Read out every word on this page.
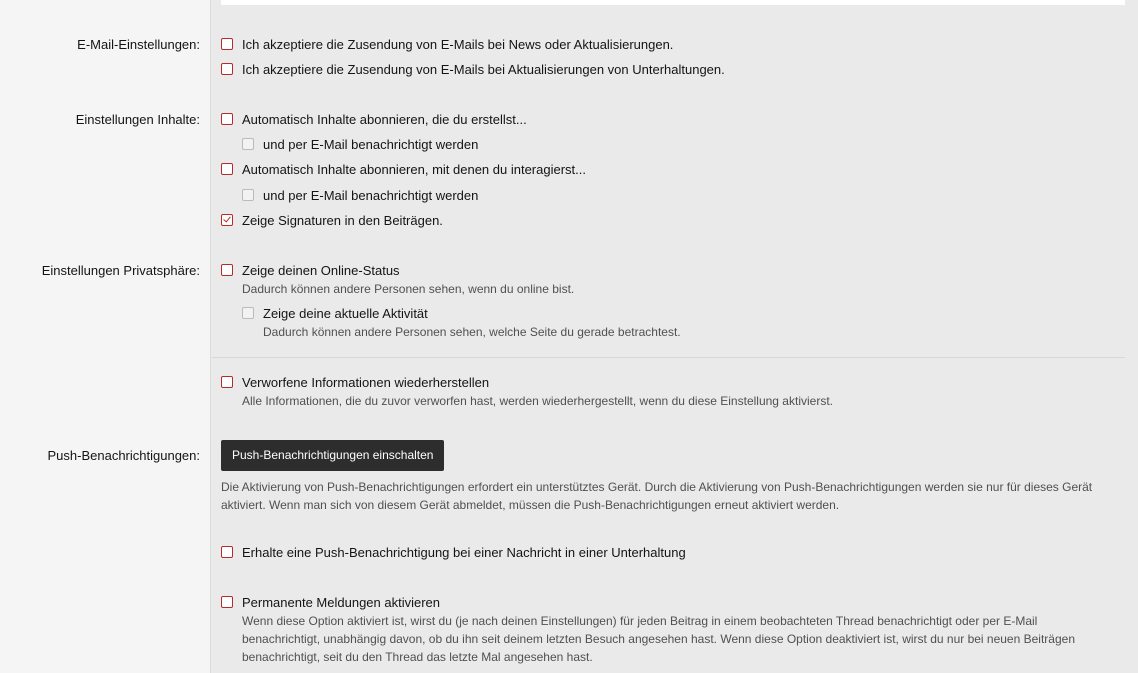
E-Mail-Einstellungen:
Einstellungen Inhalte:
Einstellungen Privatsphäre:
Push-Benachrichtigungen:
Ich akzeptiere die Zusendung von E-Mails bei News oder Aktualisierungen.
Ich akzeptiere die Zusendung von E-Mails bei Aktualisierungen von Unterhaltungen.
Automatisch Inhalte abonnieren, die du erstellst...
und per E-Mail benachrichtigt werden
Automatisch Inhalte abonnieren, mit denen du interagierst...
und per E-Mail benachrichtigt werden
Zeige Signaturen in den Beiträgen.
Zeige deinen Online-Status
Dadurch können andere Personen sehen, wenn du online bist.
Zeige deine aktuelle Aktivität
Dadurch können andere Personen sehen, welche Seite du gerade betrachtest.
Verworfene Informationen wiederherstellen
Alle Informationen, die du zuvor verworfen hast, werden wiederhergestellt, wenn du diese Einstellung aktivierst.
Push-Benachrichtigungen einschalten
Die Aktivierung von Push-Benachrichtigungen erfordert ein unterstütztes Gerät. Durch die Aktivierung von Push-Benachrichtigungen werden sie nur für dieses Gerät aktiviert. Wenn man sich von diesem Gerät abmeldet, müssen die Push-Benachrichtigungen erneut aktiviert werden.
Erhalte eine Push-Benachrichtigung bei einer Nachricht in einer Unterhaltung
Permanente Meldungen aktivieren
Wenn diese Option aktiviert ist, wirst du (je nach deinen Einstellungen) für jeden Beitrag in einem beobachteten Thread benachrichtigt oder per E-Mail benachrichtigt, unabhängig davon, ob du ihn seit deinem letzten Besuch angesehen hast. Wenn diese Option deaktiviert ist, wirst du nur bei neuen Beiträgen benachrichtigt, seit du den Thread das letzte Mal angesehen hast.
